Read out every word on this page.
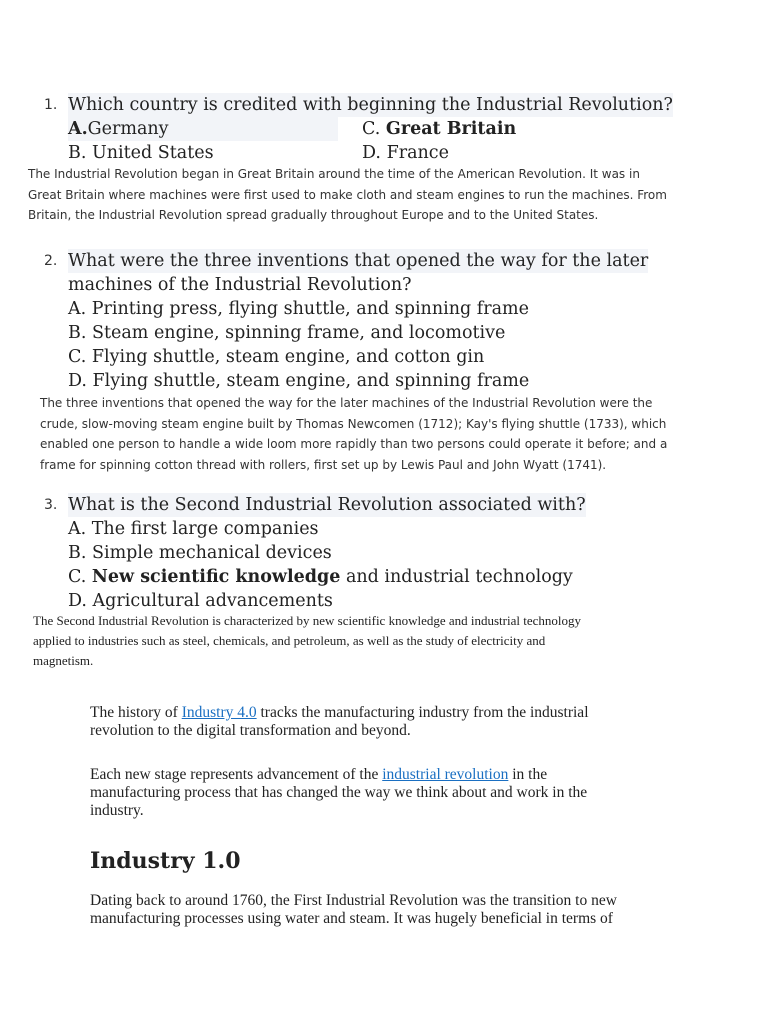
1. Which country is credited with beginning the Industrial Revolution?
A.Germany	C. Great Britain
B. United States	D. France
The Industrial Revolution began in Great Britain around the time of the American Revolution. It was in
Great Britain where machines were first used to make cloth and steam engines to run the machines. From
Britain, the Industrial Revolution spread gradually throughout Europe and to the United States.
2. What were the three inventions that opened the way for the later
machines of the Industrial Revolution?
A. Printing press, flying shuttle, and spinning frame
B. Steam engine, spinning frame, and locomotive
C. Flying shuttle, steam engine, and cotton gin
D. Flying shuttle, steam engine, and spinning frame
The three inventions that opened the way for the later machines of the Industrial Revolution were the
crude, slow-moving steam engine built by Thomas Newcomen (1712); Kay's flying shuttle (1733), which
enabled one person to handle a wide loom more rapidly than two persons could operate it before; and a
frame for spinning cotton thread with rollers, first set up by Lewis Paul and John Wyatt (1741).
3. What is the Second Industrial Revolution associated with?
A. The first large companies
B. Simple mechanical devices
C. New scientific knowledge and industrial technology
D. Agricultural advancements
The Second Industrial Revolution is characterized by new scientific knowledge and industrial technology
applied to industries such as steel, chemicals, and petroleum, as well as the study of electricity and
magnetism.

The history of Industry 4.0 tracks the manufacturing industry from the industrial
revolution to the digital transformation and beyond.

Each new stage represents advancement of the industrial revolution in the
manufacturing process that has changed the way we think about and work in the
industry.

Industry 1.0

Dating back to around 1760, the First Industrial Revolution was the transition to new
manufacturing processes using water and steam. It was hugely beneficial in terms of
